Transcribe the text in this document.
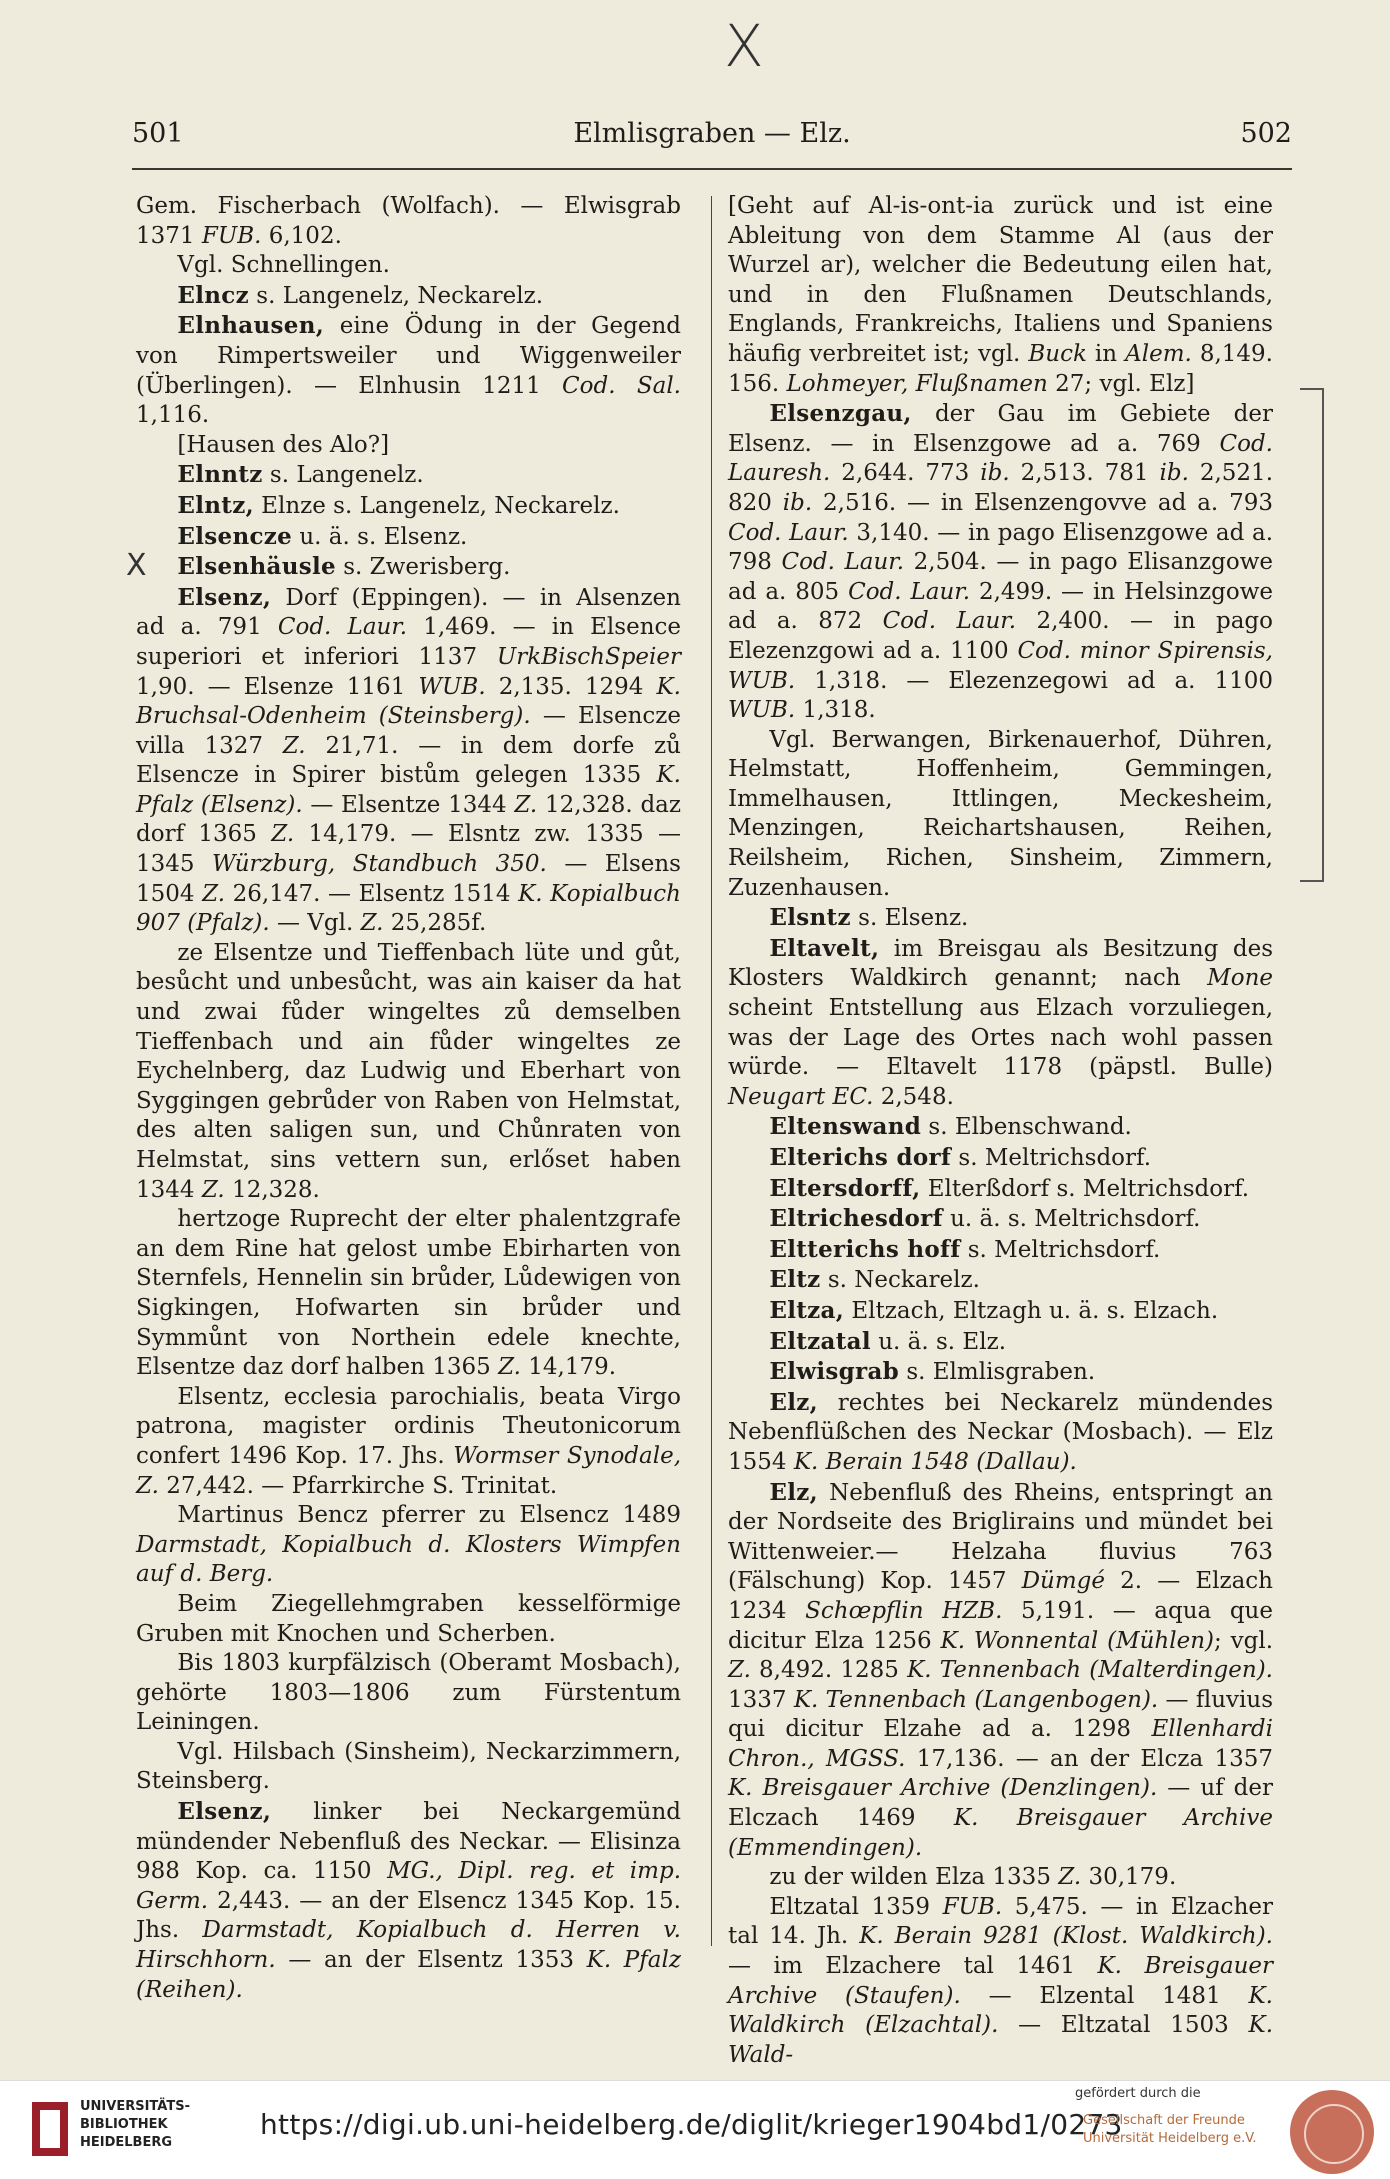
X
501	Elmlisgraben — Elz.	502
X

Gem. Fischerbach (Wolfach). — Elwisgrab 1371 FUB. 6,102.

Vgl. Schnellingen.

Elncz s. Langenelz, Neckarelz.

Elnhausen, eine Ödung in der Gegend von Rimpertsweiler und Wiggenweiler (Überlingen). — Elnhusin 1211 Cod. Sal. 1,116.

[Hausen des Alo?]

Elnntz s. Langenelz.

Elntz, Elnze s. Langenelz, Neckarelz.

Elsencze u. ä. s. Elsenz.

Elsenhäusle s. Zwerisberg.

Elsenz, Dorf (Eppingen). — in Alsenzen ad a. 791 Cod. Laur. 1,469. — in Elsence superiori et inferiori 1137 UrkBischSpeier 1,90. — Elsenze 1161 WUB. 2,135. 1294 K. Bruchsal-Odenheim (Steinsberg). — Elsencze villa 1327 Z. 21,71. — in dem dorfe zů Elsencze in Spirer bistům gelegen 1335 K. Pfalz (Elsenz). — Elsentze 1344 Z. 12,328. daz dorf 1365 Z. 14,179. — Elsntz zw. 1335 —1345 Würzburg, Standbuch 350. — Elsens 1504 Z. 26,147. — Elsentz 1514 K. Kopialbuch 907 (Pfalz). — Vgl. Z. 25,285f.

ze Elsentze und Tieffenbach lüte und gůt, besůcht und unbesůcht, was ain kaiser da hat und zwai fůder wingeltes zů demselben Tieffenbach und ain fůder wingeltes ze Eychelnberg, daz Ludwig und Eberhart von Syggingen gebrůder von Raben von Helmstat, des alten saligen sun, und Chůnraten von Helmstat, sins vettern sun, erlőset haben 1344 Z. 12,328.

hertzoge Ruprecht der elter phalentzgrafe an dem Rine hat gelost umbe Ebirharten von Sternfels, Hennelin sin brůder, Lůdewigen von Sigkingen, Hofwarten sin brůder und Symmůnt von Northein edele knechte, Elsentze daz dorf halben 1365 Z. 14,179.

Elsentz, ecclesia parochialis, beata Virgo patrona, magister ordinis Theutonicorum confert 1496 Kop. 17. Jhs. Wormser Synodale, Z. 27,442. — Pfarrkirche S. Trinitat.

Martinus Bencz pferrer zu Elsencz 1489 Darmstadt, Kopialbuch d. Klosters Wimpfen auf d. Berg.

Beim Ziegellehmgraben kesselförmige Gruben mit Knochen und Scherben.

Bis 1803 kurpfälzisch (Oberamt Mosbach), gehörte 1803—1806 zum Fürstentum Leiningen.

Vgl. Hilsbach (Sinsheim), Neckarzimmern, Steinsberg.

Elsenz, linker bei Neckargemünd mündender Nebenfluß des Neckar. — Elisinza 988 Kop. ca. 1150 MG., Dipl. reg. et imp. Germ. 2,443. — an der Elsencz 1345 Kop. 15. Jhs. Darmstadt, Kopialbuch d. Herren v. Hirschhorn. — an der Elsentz 1353 K. Pfalz (Reihen).

[Geht auf Al-is-ont-ia zurück und ist eine Ableitung von dem Stamme Al (aus der Wurzel ar), welcher die Bedeutung eilen hat, und in den Flußnamen Deutschlands, Englands, Frankreichs, Italiens und Spaniens häufig verbreitet ist; vgl. Buck in Alem. 8,149. 156. Lohmeyer, Flußnamen 27; vgl. Elz]

Elsenzgau, der Gau im Gebiete der Elsenz. — in Elsenzgowe ad a. 769 Cod. Lauresh. 2,644. 773 ib. 2,513. 781 ib. 2,521. 820 ib. 2,516. — in Elsenzengovve ad a. 793 Cod. Laur. 3,140. — in pago Elisenzgowe ad a. 798 Cod. Laur. 2,504. — in pago Elisanzgowe ad a. 805 Cod. Laur. 2,499. — in Helsinzgowe ad a. 872 Cod. Laur. 2,400. — in pago Elezenzgowi ad a. 1100 Cod. minor Spirensis, WUB. 1,318. — Elezenzegowi ad a. 1100 WUB. 1,318.

Vgl. Berwangen, Birkenauerhof, Dühren, Helmstatt, Hoffenheim, Gemmingen, Immelhausen, Ittlingen, Meckesheim, Menzingen, Reichartshausen, Reihen, Reilsheim, Richen, Sinsheim, Zimmern, Zuzenhausen.

Elsntz s. Elsenz.

Eltavelt, im Breisgau als Besitzung des Klosters Waldkirch genannt; nach Mone scheint Entstellung aus Elzach vorzuliegen, was der Lage des Ortes nach wohl passen würde. — Eltavelt 1178 (päpstl. Bulle) Neugart EC. 2,548.

Eltenswand s. Elbenschwand.

Elterichs dorf s. Meltrichsdorf.

Eltersdorff, Elterßdorf s. Meltrichsdorf.

Eltrichesdorf u. ä. s. Meltrichsdorf.

Eltterichs hoff s. Meltrichsdorf.

Eltz s. Neckarelz.

Eltza, Eltzach, Eltzagh u. ä. s. Elzach.

Eltzatal u. ä. s. Elz.

Elwisgrab s. Elmlisgraben.

Elz, rechtes bei Neckarelz mündendes Nebenflüßchen des Neckar (Mosbach). — Elz 1554 K. Berain 1548 (Dallau).

Elz, Nebenfluß des Rheins, entspringt an der Nordseite des Briglirains und mündet bei Wittenweier.— Helzaha fluvius 763 (Fälschung) Kop. 1457 Dümgé 2. — Elzach 1234 Schœpflin HZB. 5,191. — aqua que dicitur Elza 1256 K. Wonnental (Mühlen); vgl. Z. 8,492. 1285 K. Tennenbach (Malterdingen). 1337 K. Tennenbach (Langenbogen). — fluvius qui dicitur Elzahe ad a. 1298 Ellenhardi Chron., MGSS. 17,136. — an der Elcza 1357 K. Breisgauer Archive (Denzlingen). — uf der Elczach 1469 K. Breisgauer Archive (Emmendingen).

zu der wilden Elza 1335 Z. 30,179.

Eltzatal 1359 FUB. 5,475. — in Elzacher tal 14. Jh. K. Berain 9281 (Klost. Waldkirch). — im Elzachere tal 1461 K. Breisgauer Archive (Staufen). — Elzental 1481 K. Waldkirch (Elzachtal). — Eltzatal 1503 K. Wald-

UNIVERSITÄTS-
BIBLIOTHEK
HEIDELBERG
https://digi.ub.uni-heidelberg.de/diglit/krieger1904bd1/0273
gefördert durch die
Gesellschaft der Freunde
Universität Heidelberg e.V.
